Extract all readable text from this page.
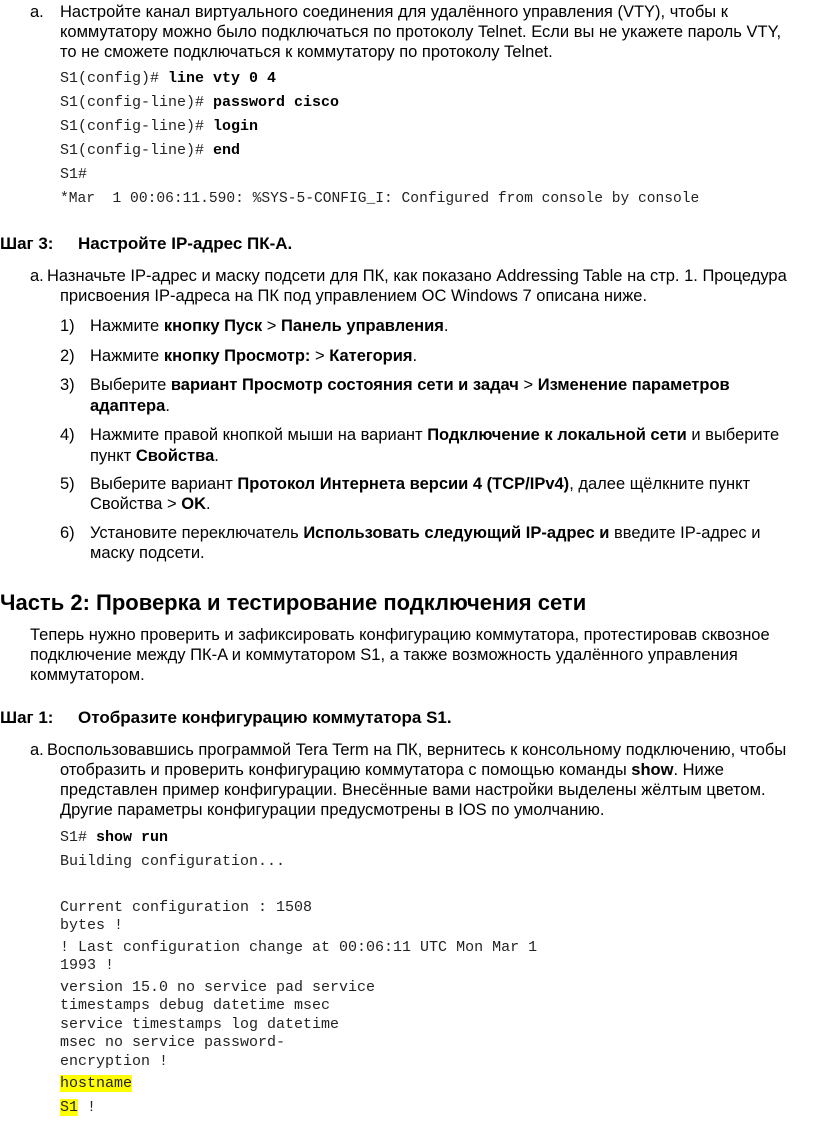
a. Настройте канал виртуального соединения для удалённого управления (VTY), чтобы к
коммутатору можно было подключаться по протоколу Telnet. Если вы не укажете пароль VTY,
то не сможете подключаться к коммутатору по протоколу Telnet.
S1(config)# line vty 0 4
S1(config-line)# password cisco
S1(config-line)# login
S1(config-line)# end
S1#
*Mar  1 00:06:11.590: %SYS-5-CONFIG_I: Configured from console by console
Шаг 3: Настройте IP-адрес ПК-A.
a. Назначьте IP-адрес и маску подсети для ПК, как показано Addressing Table на стр. 1. Процедура
присвоения IP-адреса на ПК под управлением ОС Windows 7 описана ниже.
1) Нажмите кнопку Пуск > Панель управления.
2) Нажмите кнопку Просмотр: > Категория.
3) Выберите вариант Просмотр состояния сети и задач > Изменение параметров
адаптера.
4) Нажмите правой кнопкой мыши на вариант Подключение к локальной сети и выберите
пункт Свойства.
5) Выберите вариант Протокол Интернета версии 4 (TCP/IPv4), далее щёлкните пункт
Свойства > OK.
6) Установите переключатель Использовать следующий IP-адрес и введите IP-адрес и
маску подсети.
Часть 2: Проверка и тестирование подключения сети
Теперь нужно проверить и зафиксировать конфигурацию коммутатора, протестировав сквозное
подключение между ПК-A и коммутатором S1, а также возможность удалённого управления
коммутатором.
Шаг 1: Отобразите конфигурацию коммутатора S1.
a. Воспользовавшись программой Tera Term на ПК, вернитесь к консольному подключению, чтобы
отобразить и проверить конфигурацию коммутатора с помощью команды show. Ниже
представлен пример конфигурации. Внесённые вами настройки выделены жёлтым цветом.
Другие параметры конфигурации предусмотрены в IOS по умолчанию.
S1# show run
Building configuration...
Current configuration : 1508
bytes !
! Last configuration change at 00:06:11 UTC Mon Mar 1
1993 !
version 15.0 no service pad service
timestamps debug datetime msec
service timestamps log datetime
msec no service password-
encryption !
hostname
S1 !
